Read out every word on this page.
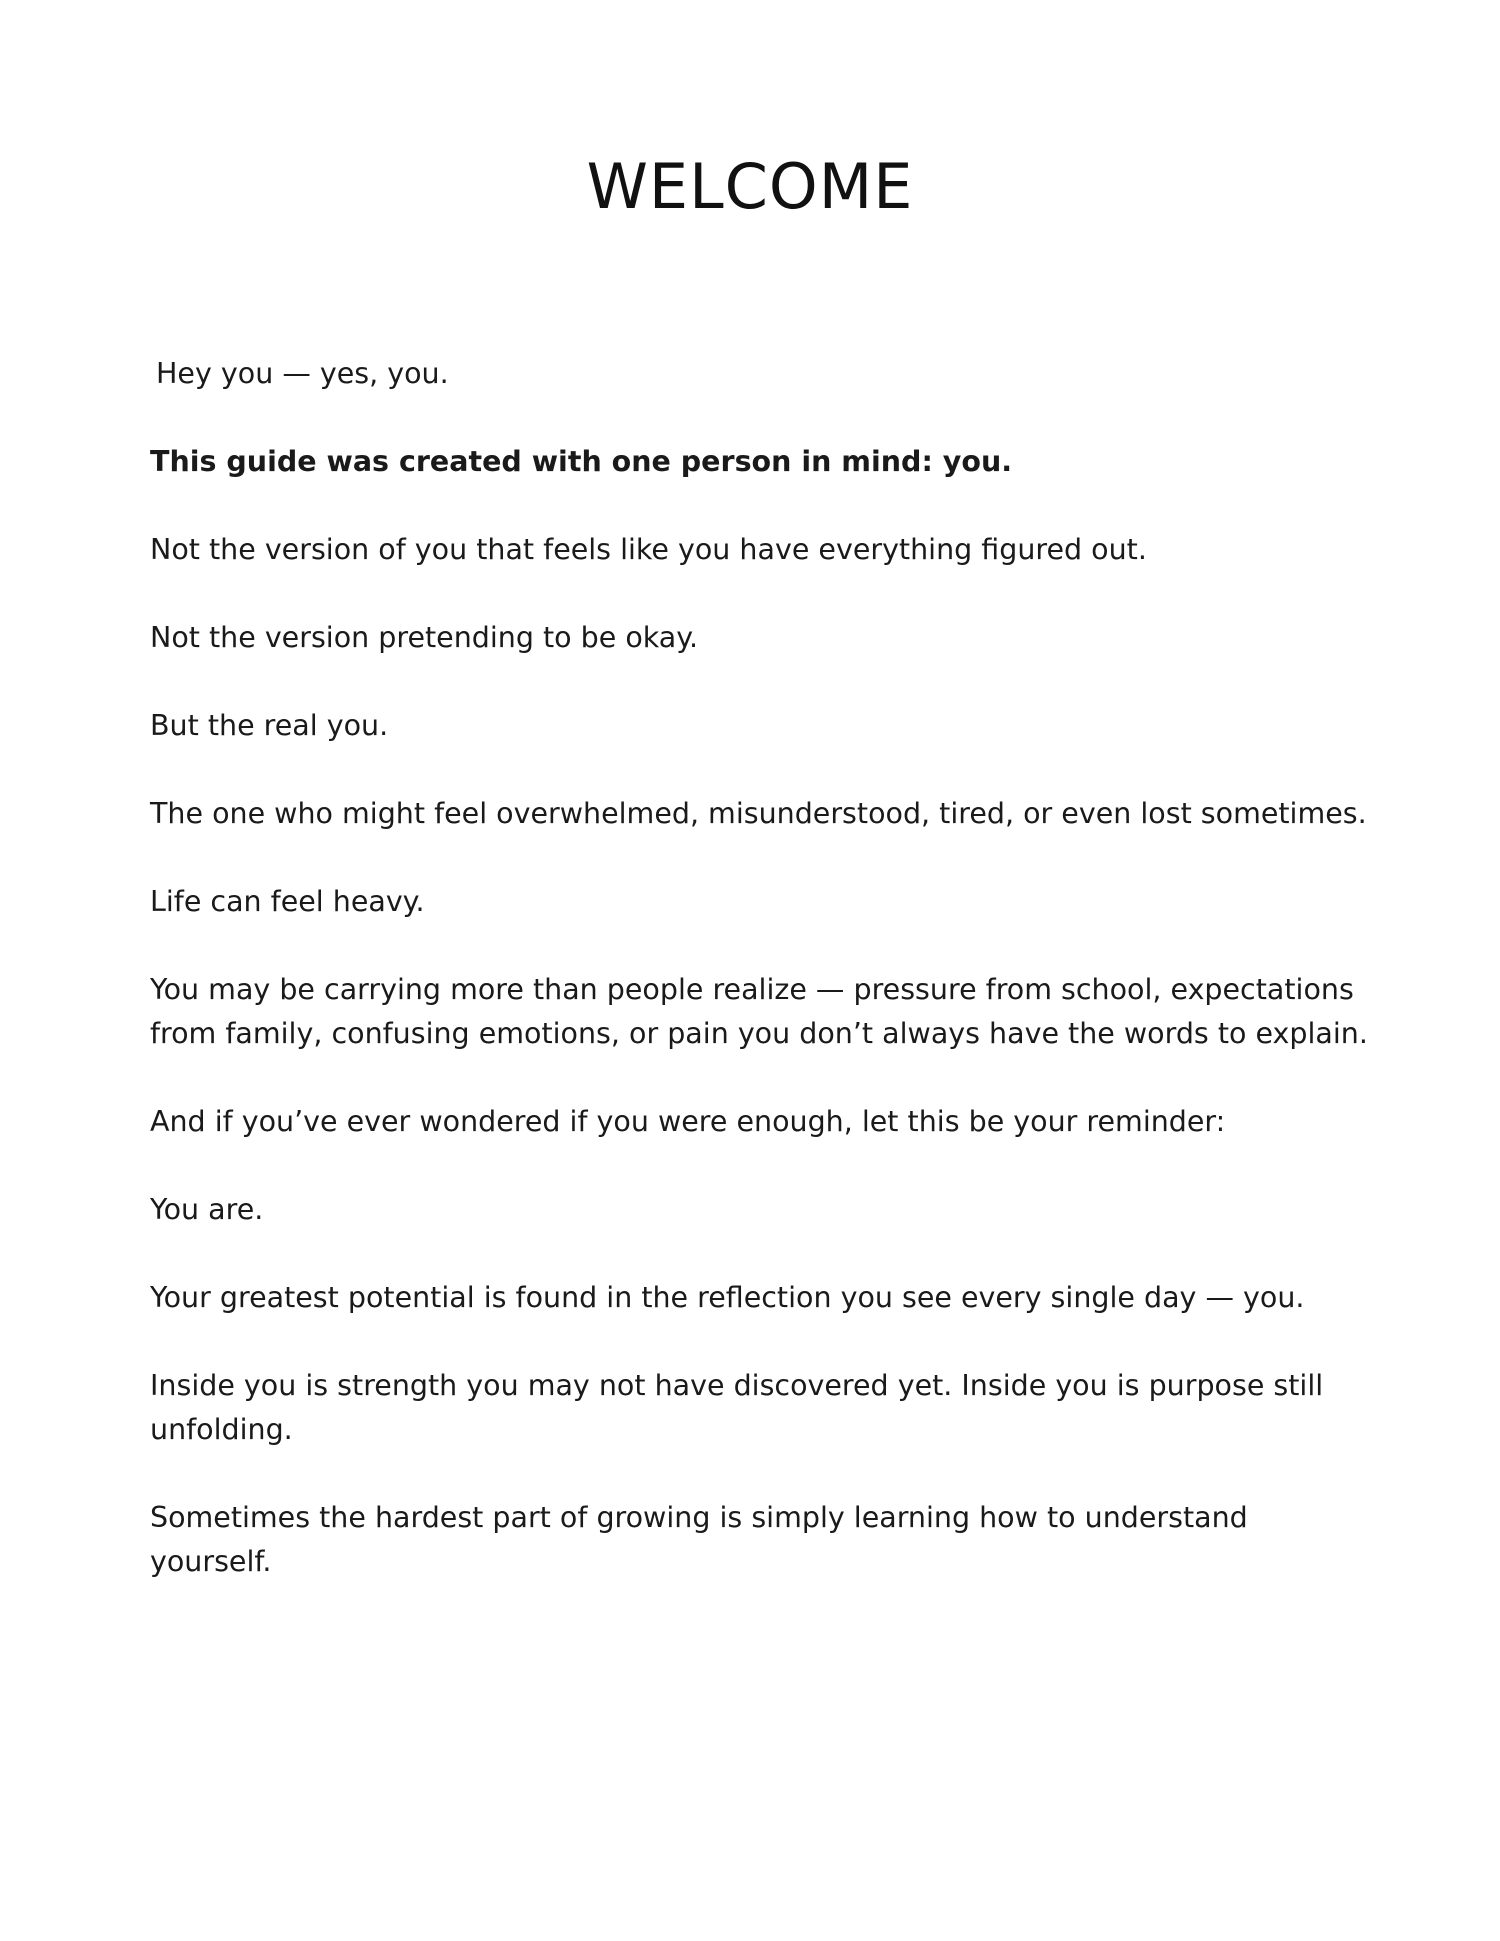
WELCOME

Hey you — yes, you.

This guide was created with one person in mind: you.

Not the version of you that feels like you have everything figured out.

Not the version pretending to be okay.

But the real you.

The one who might feel overwhelmed, misunderstood, tired, or even lost sometimes.

Life can feel heavy.

You may be carrying more than people realize — pressure from school, expectations from family, confusing emotions, or pain you don’t always have the words to explain.

And if you’ve ever wondered if you were enough, let this be your reminder:

You are.

Your greatest potential is found in the reflection you see every single day — you.

Inside you is strength you may not have discovered yet. Inside you is purpose still unfolding.

Sometimes the hardest part of growing is simply learning how to understand yourself.
